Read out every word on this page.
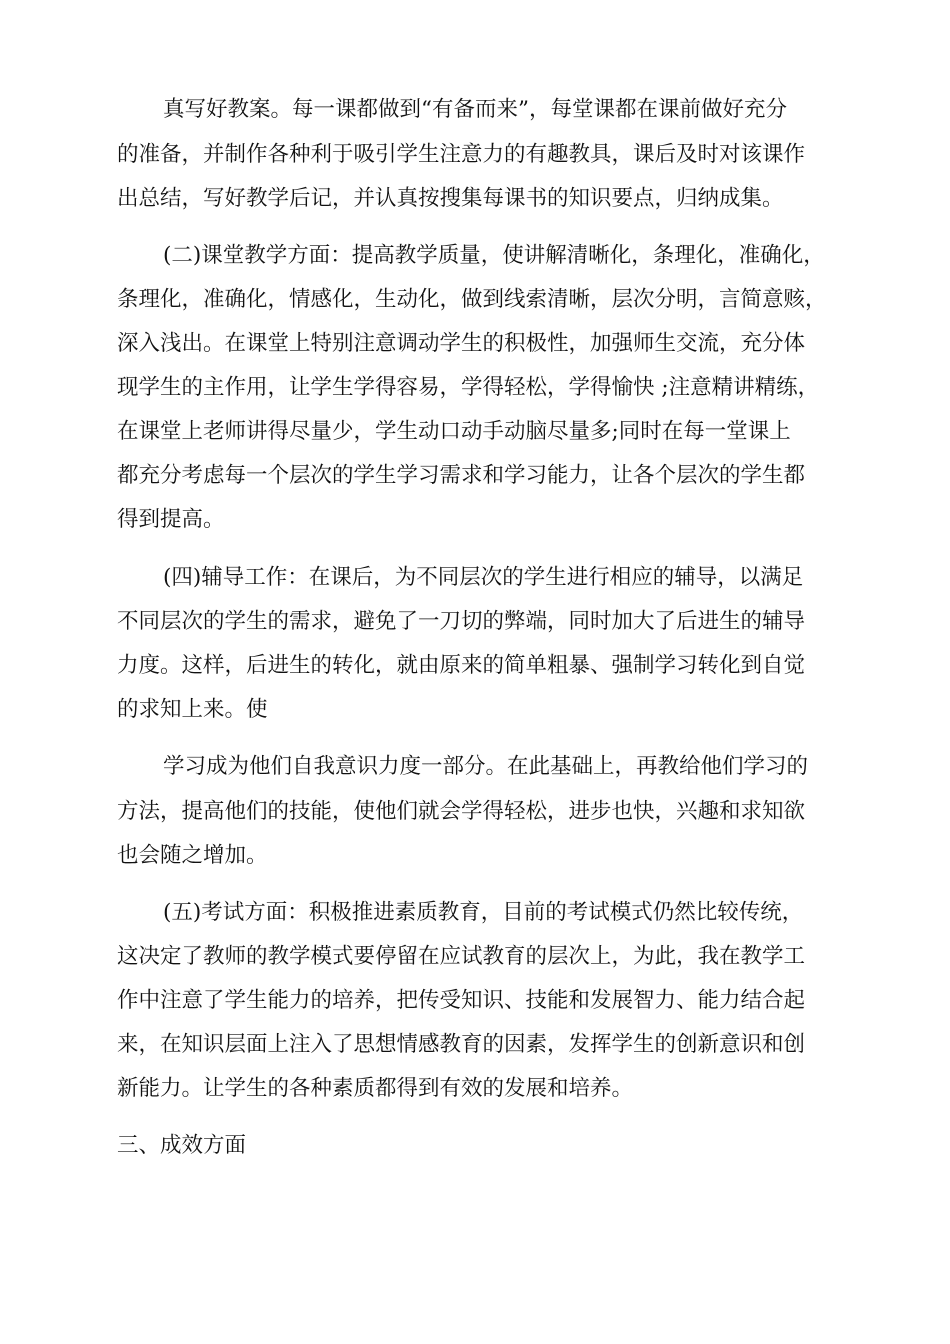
真写好教案。每一课都做到“有备而来”，每堂课都在课前做好充分
的准备，并制作各种利于吸引学生注意力的有趣教具，课后及时对该课作
出总结，写好教学后记，并认真按搜集每课书的知识要点，归纳成集。
(二)课堂教学方面：提高教学质量，使讲解清晰化，条理化，准确化，
条理化，准确化，情感化，生动化，做到线索清晰，层次分明，言简意赅，
深入浅出。在课堂上特别注意调动学生的积极性，加强师生交流，充分体
现学生的主作用，让学生学得容易，学得轻松，学得愉快 ;注意精讲精练，
在课堂上老师讲得尽量少，学生动口动手动脑尽量多;同时在每一堂课上
都充分考虑每一个层次的学生学习需求和学习能力，让各个层次的学生都
得到提高。
(四)辅导工作：在课后，为不同层次的学生进行相应的辅导，以满足
不同层次的学生的需求，避免了一刀切的弊端，同时加大了后进生的辅导
力度。这样，后进生的转化，就由原来的简单粗暴、强制学习转化到自觉
的求知上来。使
学习成为他们自我意识力度一部分。在此基础上，再教给他们学习的
方法，提高他们的技能，使他们就会学得轻松，进步也快，兴趣和求知欲
也会随之增加。
(五)考试方面：积极推进素质教育，目前的考试模式仍然比较传统，
这决定了教师的教学模式要停留在应试教育的层次上，为此，我在教学工
作中注意了学生能力的培养，把传受知识、技能和发展智力、能力结合起
来，在知识层面上注入了思想情感教育的因素，发挥学生的创新意识和创
新能力。让学生的各种素质都得到有效的发展和培养。
三、成效方面
